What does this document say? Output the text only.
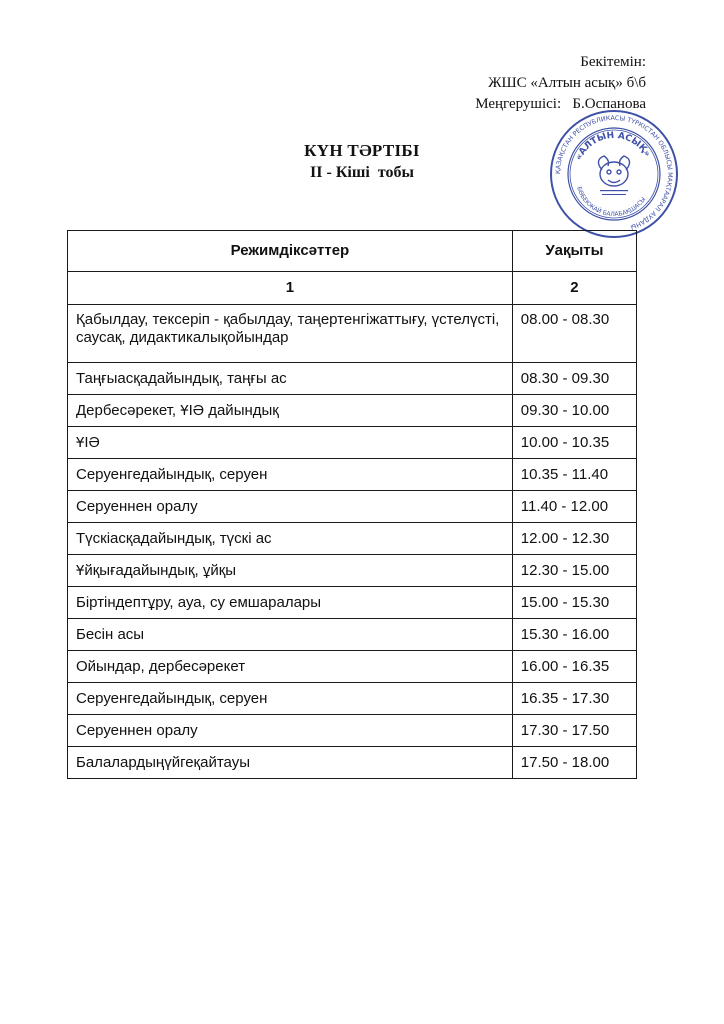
Бекітемін:
ЖШС «Алтын асық» б\б
Меңгерушісі:   Б.Оспанова
ҚАЗАҚСТАН РЕСПУБЛИКАСЫ ТҮРКІСТАН ОБЛЫСЫ МАҚТААРАЛ АУДАНЫ
«АЛТЫН АСЫҚ»
БӨБЕКЖАЙ БАЛАБАҚШАСЫ

КҮН ТӘРТІБІ

II - Кіші  тобы

Режимдіксәттер	Уақыты
1	2
Қабылдау, тексеріп - қабылдау, таңертенгіжаттығу, үстелүсті, саусақ, дидактикалықойындар	08.00 - 08.30
Таңғыасқадайындық, таңғы ас	08.30 - 09.30
Дербесәрекет, ҰІӘ дайындық	09.30 - 10.00
ҰІӘ	10.00 - 10.35
Серуенгедайындық, серуен	10.35 - 11.40
Серуеннен оралу	11.40 - 12.00
Түскіасқадайындық, түскі ас	12.00 - 12.30
Ұйқығадайындық, ұйқы	12.30 - 15.00
Біртіндептұру, ауа, су емшаралары	15.00 - 15.30
Бесін асы	15.30 - 16.00
Ойындар, дербесәрекет	16.00 - 16.35
Серуенгедайындық, серуен	16.35 - 17.30
Серуеннен оралу	17.30 - 17.50
Балалардыңүйгеқайтауы	17.50 - 18.00
